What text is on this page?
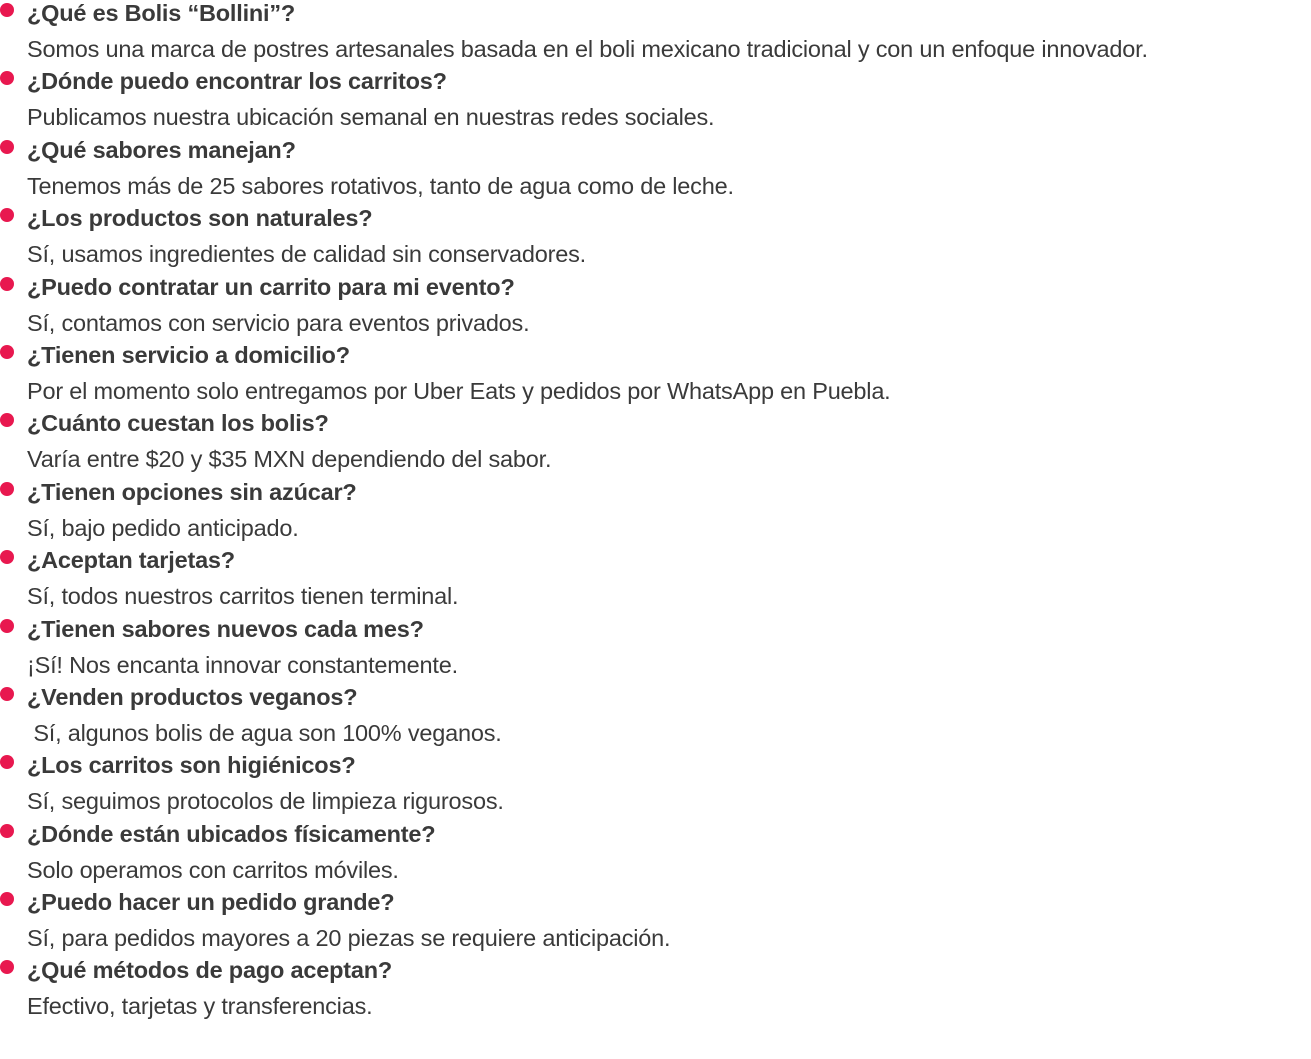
¿Qué es Bolis “Bollini”?
Somos una marca de postres artesanales basada en el boli mexicano tradicional y con un enfoque innovador.
¿Dónde puedo encontrar los carritos?
Publicamos nuestra ubicación semanal en nuestras redes sociales.
¿Qué sabores manejan?
Tenemos más de 25 sabores rotativos, tanto de agua como de leche.
¿Los productos son naturales?
Sí, usamos ingredientes de calidad sin conservadores.
¿Puedo contratar un carrito para mi evento?
Sí, contamos con servicio para eventos privados.
¿Tienen servicio a domicilio?
Por el momento solo entregamos por Uber Eats y pedidos por WhatsApp en Puebla.
¿Cuánto cuestan los bolis?
Varía entre $20 y $35 MXN dependiendo del sabor.
¿Tienen opciones sin azúcar?
Sí, bajo pedido anticipado.
¿Aceptan tarjetas?
Sí, todos nuestros carritos tienen terminal.
¿Tienen sabores nuevos cada mes?
¡Sí! Nos encanta innovar constantemente.
¿Venden productos veganos?
Sí, algunos bolis de agua son 100% veganos.
¿Los carritos son higiénicos?
Sí, seguimos protocolos de limpieza rigurosos.
¿Dónde están ubicados físicamente?
Solo operamos con carritos móviles.
¿Puedo hacer un pedido grande?
Sí, para pedidos mayores a 20 piezas se requiere anticipación.
¿Qué métodos de pago aceptan?
Efectivo, tarjetas y transferencias.
